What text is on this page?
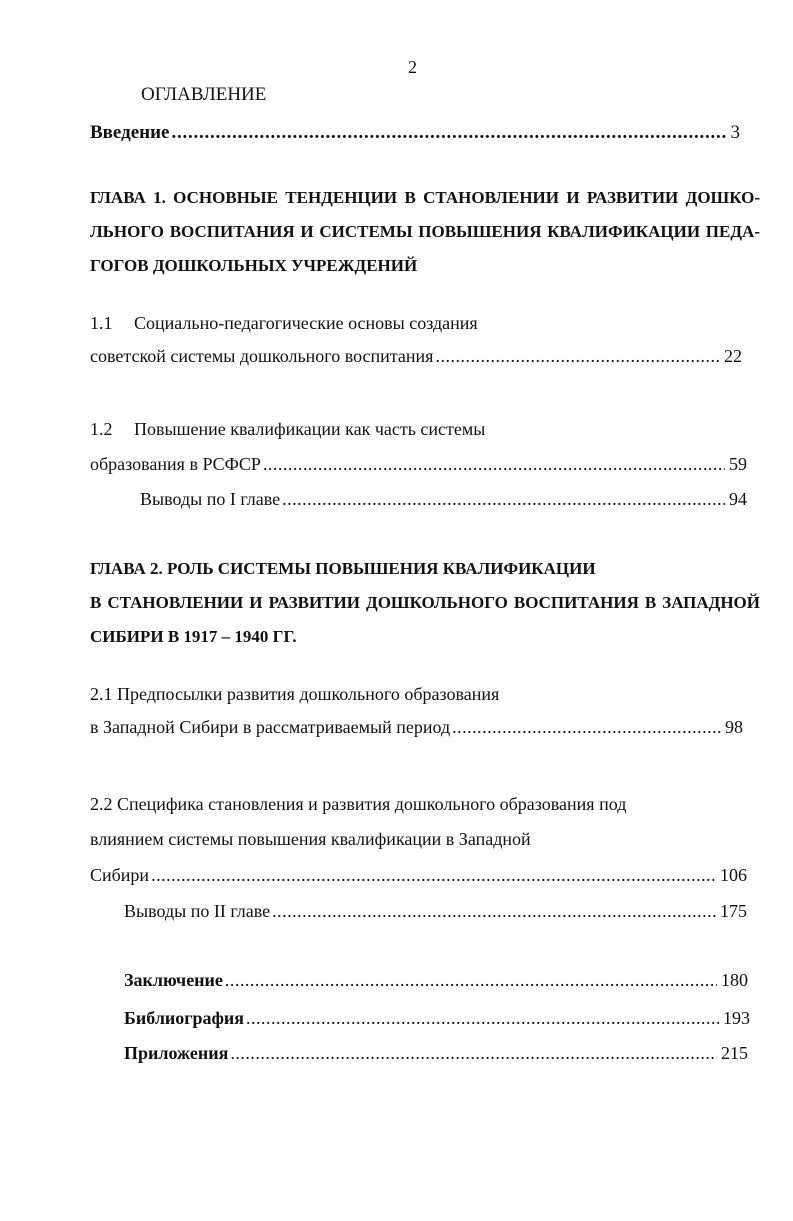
2
ОГЛАВЛЕНИЕ
Введение . . .	3
ГЛАВА 1. ОСНОВНЫЕ ТЕНДЕНЦИИ В СТАНОВЛЕНИИ И РАЗВИТИИ ДОШКО-
ЛЬНОГО ВОСПИТАНИЯ И СИСТЕМЫ ПОВЫШЕНИЯ КВАЛИФИКАЦИИ ПЕДА-
ГОГОВ ДОШКОЛЬНЫХ УЧРЕЖДЕНИЙ
1.1 Социально-педагогические основы создания
советской системы дошкольного воспитания . . .	22
1.2 Повышение квалификации как часть системы
образования в РСФСР . . .	59
Выводы по I главе . . .	94
ГЛАВА 2. РОЛЬ СИСТЕМЫ ПОВЫШЕНИЯ КВАЛИФИКАЦИИ
В СТАНОВЛЕНИИ И РАЗВИТИИ ДОШКОЛЬНОГО ВОСПИТАНИЯ В ЗАПАДНОЙ
СИБИРИ В 1917 – 1940 ГГ.
2.1 Предпосылки развития дошкольного образования
в Западной Сибири в рассматриваемый период . . .	98
2.2 Специфика становления и развития дошкольного образования под
влиянием системы повышения квалификации в Западной
Сибири . . .	106
Выводы по II главе . . .	175
Заключение . . .	180
Библиография . . .	193
Приложения . . .	215
